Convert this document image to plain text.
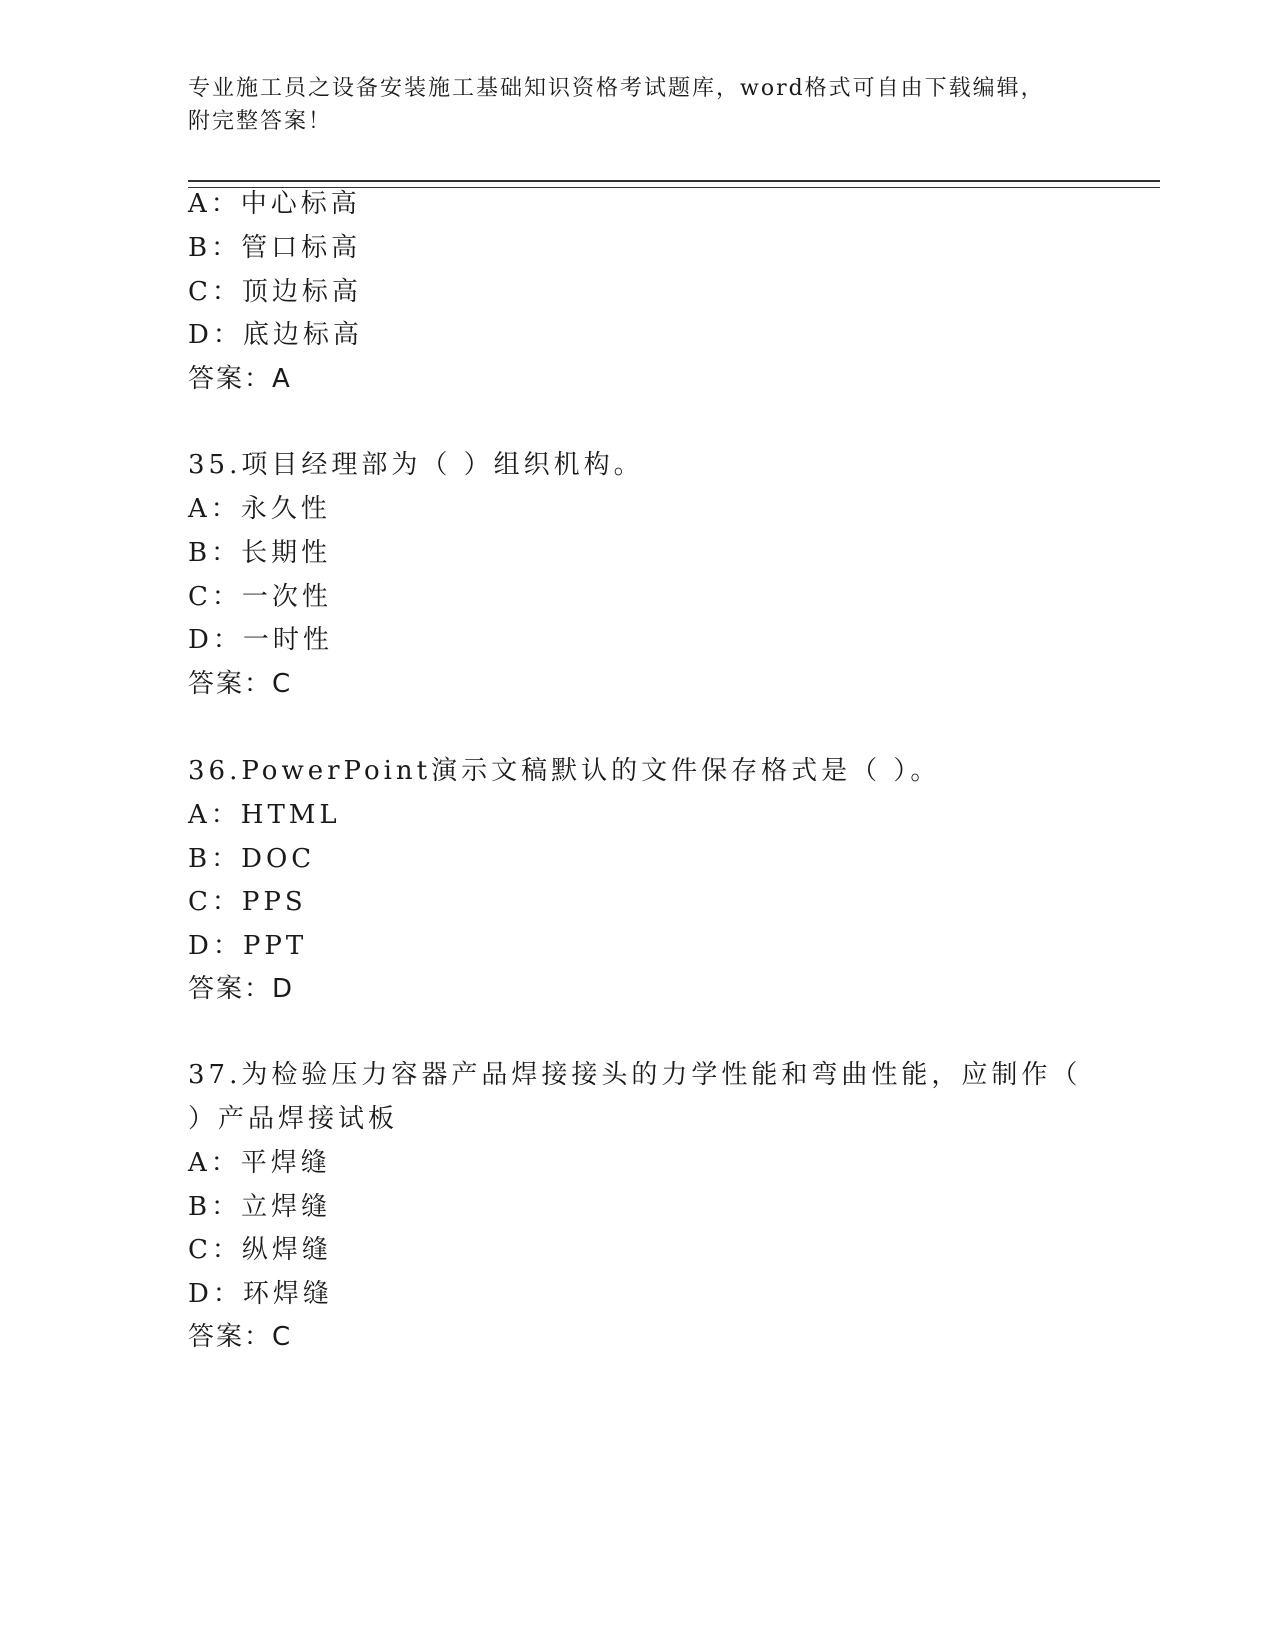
专业施工员之设备安装施工基础知识资格考试题库，word格式可自由下载编辑，
附完整答案！
A：中心标高
B：管口标高
C：顶边标高
D：底边标高
答案：A
35.项目经理部为（ ）组织机构。
A：永久性
B：长期性
C：一次性
D：一时性
答案：C
36.PowerPoint演示文稿默认的文件保存格式是（ ）。
A：HTML
B：DOC
C：PPS
D：PPT
答案：D
37.为检验压力容器产品焊接接头的力学性能和弯曲性能，应制作（
）产品焊接试板
A：平焊缝
B：立焊缝
C：纵焊缝
D：环焊缝
答案：C
